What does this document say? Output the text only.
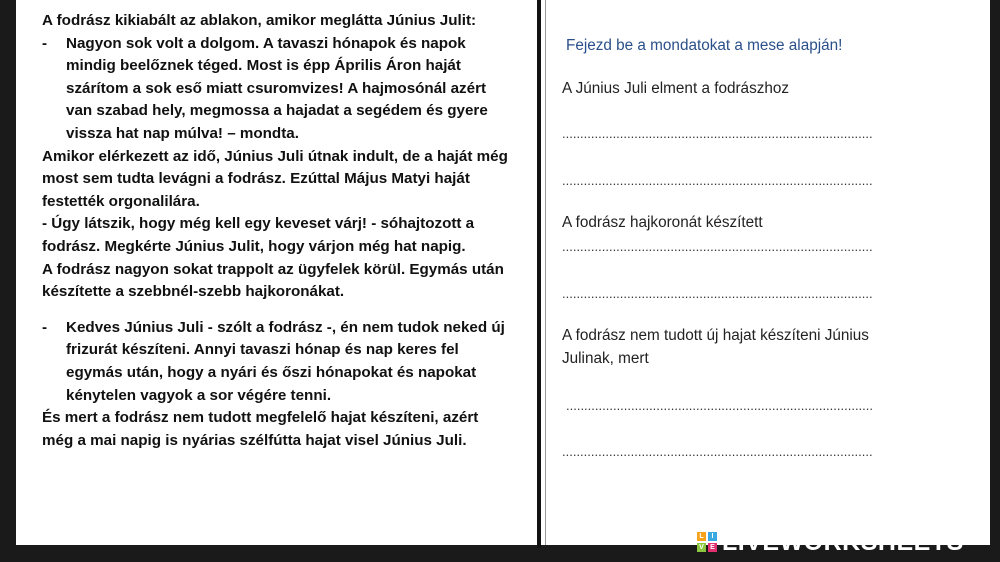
A fodrász kikiabált az ablakon, amikor meglátta Június Julit:

- Nagyon sok volt a dolgom. A tavaszi hónapok és napok mindig beelőznek téged. Most is épp Április Áron haját szárítom a sok eső miatt csuromvizes! A hajmosónál azért van szabad hely, megmossa a hajadat a segédem és gyere vissza hat nap múlva! – mondta.

Amikor elérkezett az idő, Június Juli útnak indult, de a haját még most sem tudta levágni a fodrász. Ezúttal Május Matyi haját festették orgonalilára.

- Úgy látszik, hogy még kell egy keveset várj! - sóhajtozott a fodrász. Megkérte Június Julit, hogy várjon még hat napig.

A fodrász nagyon sokat trappolt az ügyfelek körül. Egymás után készítette a szebbnél-szebb hajkoronákat.

- Kedves Június Juli - szólt a fodrász -, én nem tudok neked új frizurát készíteni. Annyi tavaszi hónap és nap keres fel egymás után, hogy a nyári és őszi hónapokat és napokat kénytelen vagyok a sor végére tenni.

És mert a fodrász nem tudott megfelelő hajat készíteni, azért még a mai napig is nyárias szélfútta hajat visel Június Juli.

Fejezd be a mondatokat a mese alapján!
A Június Juli elment a fodrászhoz
......................................................................................
......................................................................................
A fodrász hajkoronát készített
......................................................................................
......................................................................................
A fodrász nem tudott új hajat készíteni Június Julinak, mert
.....................................................................................
......................................................................................
L	I
V E LIVEWORKSHEETS
